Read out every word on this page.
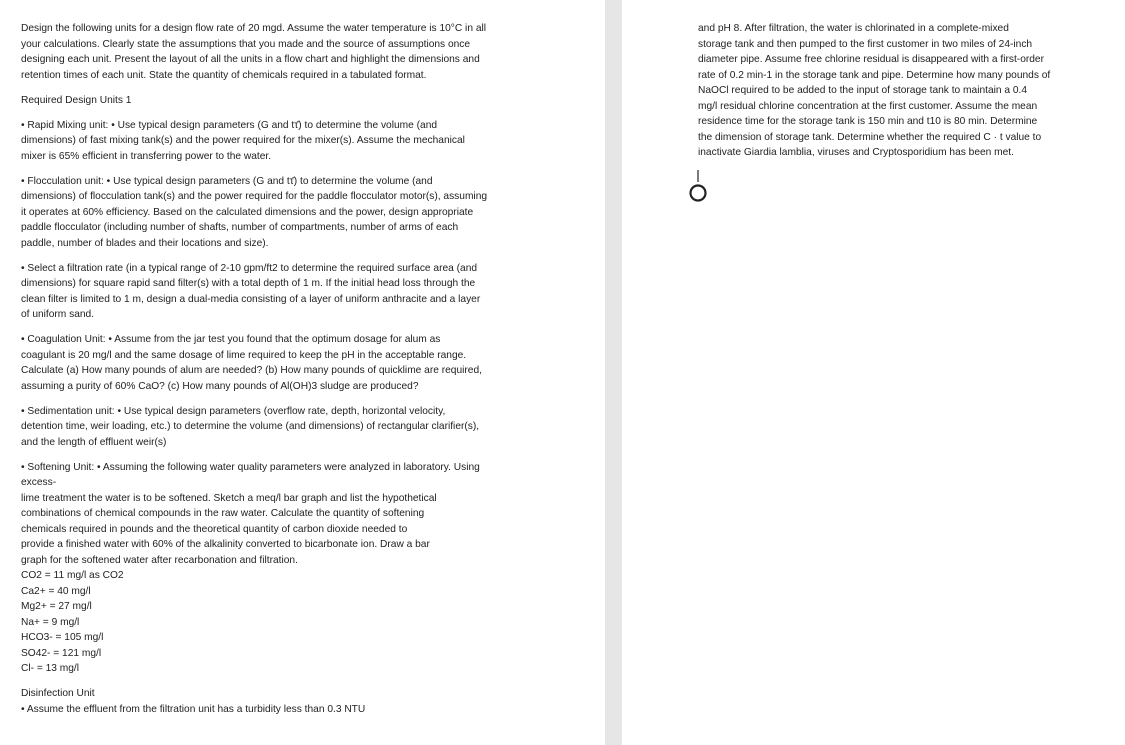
Design the following units for a design flow rate of 20 mgd. Assume the water temperature is 10°C in all
your calculations. Clearly state the assumptions that you made and the source of assumptions once
designing each unit. Present the layout of all the units in a flow chart and highlight the dimensions and
retention times of each unit. State the quantity of chemicals required in a tabulated format.
Required Design Units 1
• Rapid Mixing unit: • Use typical design parameters (G and tτ̄) to determine the volume (and
dimensions) of fast mixing tank(s) and the power required for the mixer(s). Assume the mechanical
mixer is 65% efficient in transferring power to the water.
• Flocculation unit: • Use typical design parameters (G and tτ̄) to determine the volume (and
dimensions) of flocculation tank(s) and the power required for the paddle flocculator motor(s), assuming
it operates at 60% efficiency. Based on the calculated dimensions and the power, design appropriate
paddle flocculator (including number of shafts, number of compartments, number of arms of each
paddle, number of blades and their locations and size).
• Select a filtration rate (in a typical range of 2-10 gpm/ft2 to determine the required surface area (and
dimensions) for square rapid sand filter(s) with a total depth of 1 m. If the initial head loss through the
clean filter is limited to 1 m, design a dual-media consisting of a layer of uniform anthracite and a layer
of uniform sand.
• Coagulation Unit: • Assume from the jar test you found that the optimum dosage for alum as
coagulant is 20 mg/l and the same dosage of lime required to keep the pH in the acceptable range.
Calculate (a) How many pounds of alum are needed? (b) How many pounds of quicklime are required,
assuming a purity of 60% CaO? (c) How many pounds of Al(OH)3 sludge are produced?
• Sedimentation unit: • Use typical design parameters (overflow rate, depth, horizontal velocity,
detention time, weir loading, etc.) to determine the volume (and dimensions) of rectangular clarifier(s),
and the length of effluent weir(s)
• Softening Unit: • Assuming the following water quality parameters were analyzed in laboratory. Using
excess-
lime treatment the water is to be softened. Sketch a meq/l bar graph and list the hypothetical
combinations of chemical compounds in the raw water. Calculate the quantity of softening
chemicals required in pounds and the theoretical quantity of carbon dioxide needed to
provide a finished water with 60% of the alkalinity converted to bicarbonate ion. Draw a bar
graph for the softened water after recarbonation and filtration.
CO2 = 11 mg/l as CO2
Ca2+ = 40 mg/l
Mg2+ = 27 mg/l
Na+ = 9 mg/l
HCO3- = 105 mg/l
SO42- = 121 mg/l
Cl- = 13 mg/l
Disinfection Unit
• Assume the effluent from the filtration unit has a turbidity less than 0.3 NTU
and pH 8. After filtration, the water is chlorinated in a complete-mixed
storage tank and then pumped to the first customer in two miles of 24-inch
diameter pipe. Assume free chlorine residual is disappeared with a first-order
rate of 0.2 min-1 in the storage tank and pipe. Determine how many pounds of
NaOCl required to be added to the input of storage tank to maintain a 0.4
mg/l residual chlorine concentration at the first customer. Assume the mean
residence time for the storage tank is 150 min and t10 is 80 min. Determine
the dimension of storage tank. Determine whether the required C · t value to
inactivate Giardia lamblia, viruses and Cryptosporidium has been met.
